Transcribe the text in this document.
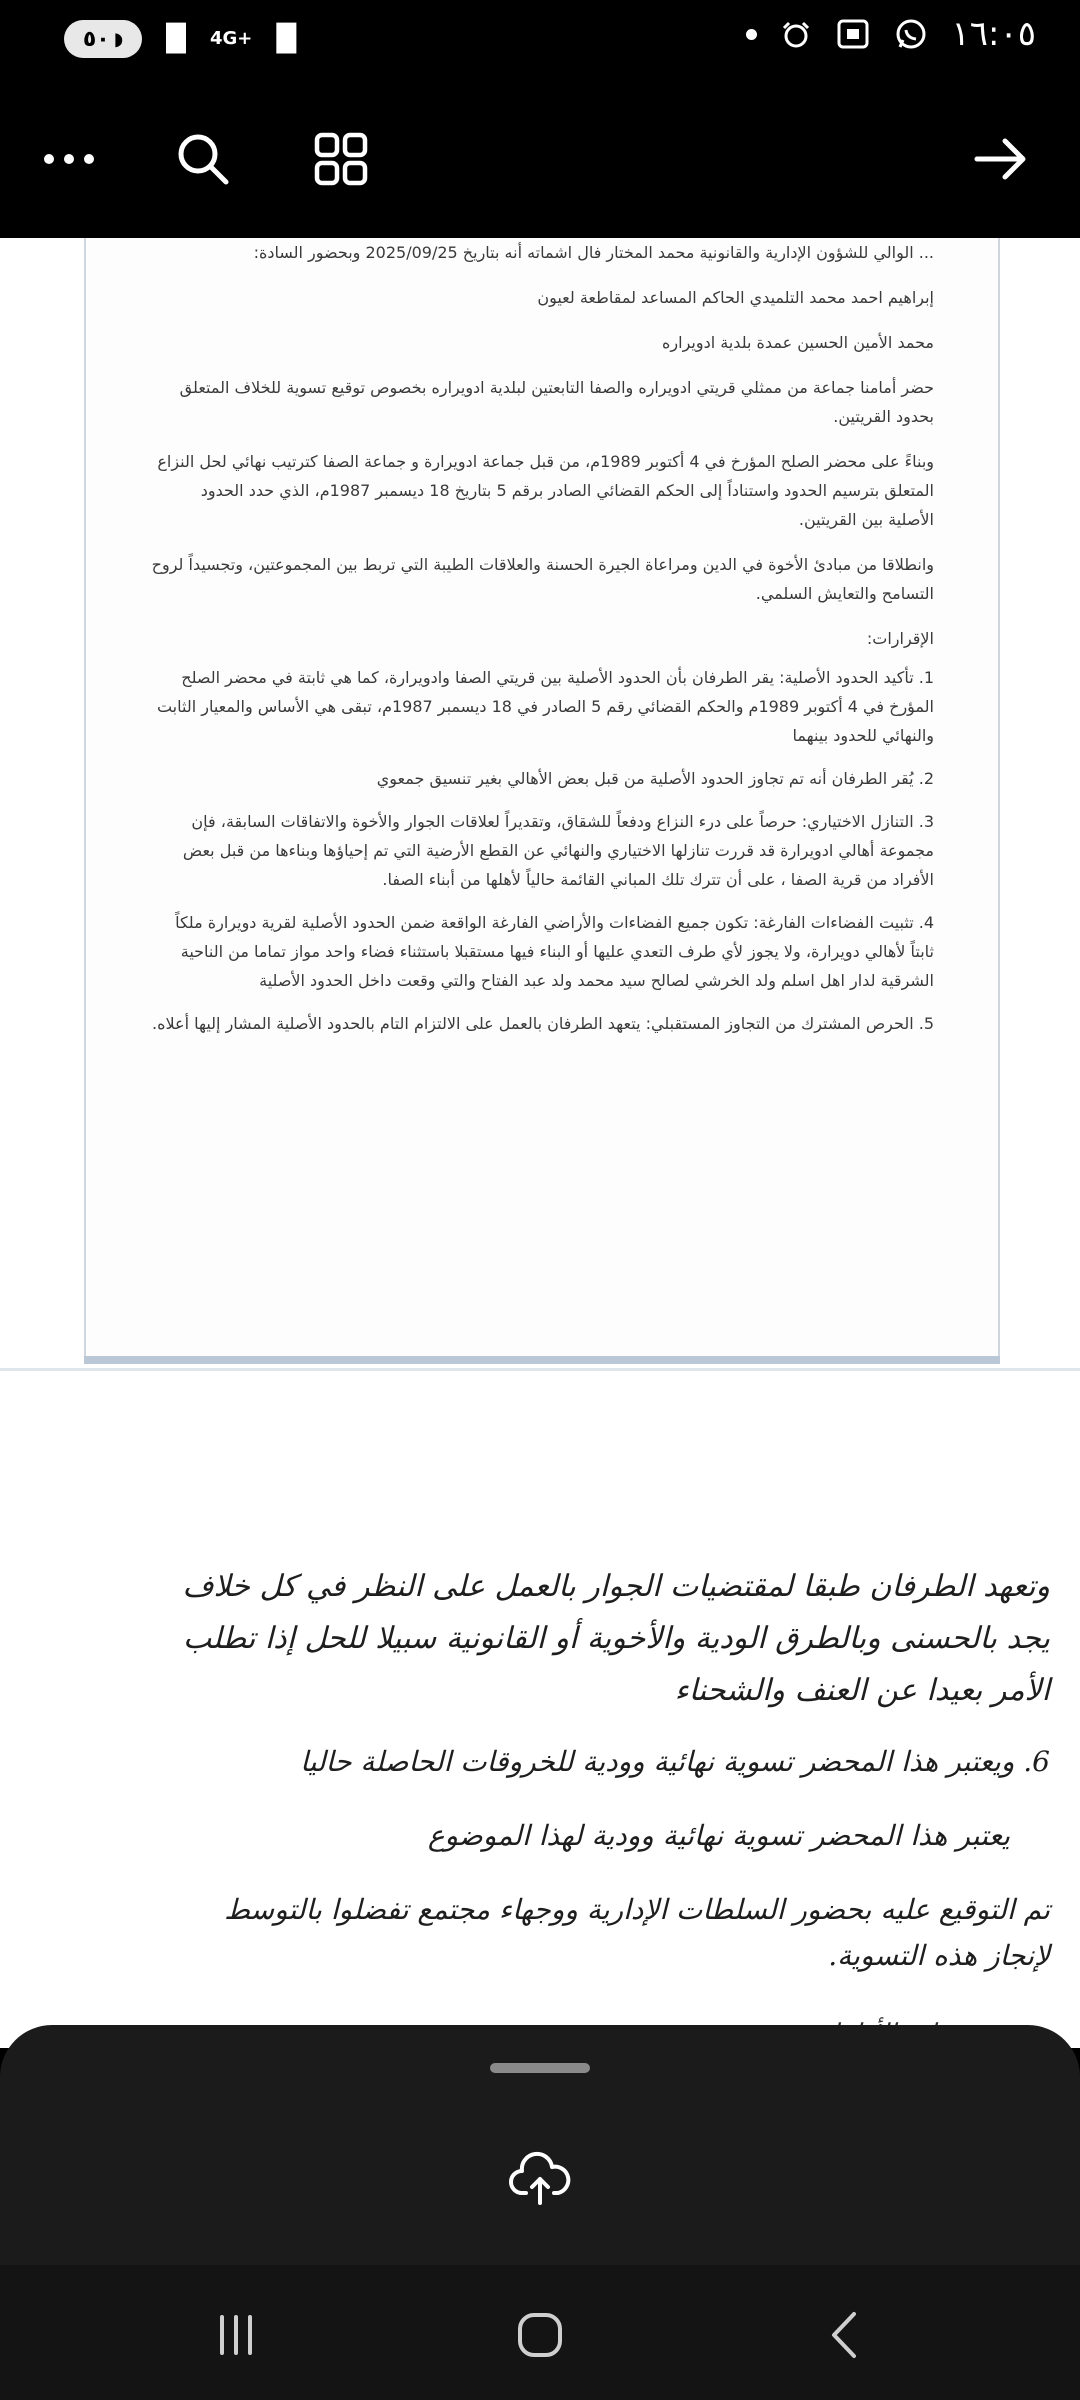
٥٠ ◗ ▐▌ 4G+ ▐▌	١٦:٠٥

... الوالي للشؤون الإدارية والقانونية محمد المختار فال اشماته أنه بتاريخ 2025/09/25 وبحضور السادة:

إبراهيم احمد محمد التلميدي الحاكم المساعد لمقاطعة لعيون

محمد الأمين الحسين عمدة بلدية ادويراره

حضر أمامنا جماعة من ممثلي قريتي ادويراره والصفا التابعتين لبلدية ادويراره بخصوص توقيع تسوية للخلاف المتعلق بحدود القريتين.

وبناءً على محضر الصلح المؤرخ في 4 أكتوبر 1989م، من قبل جماعة ادويرارة و جماعة الصفا كترتيب نهائي لحل النزاع المتعلق بترسيم الحدود واستناداً إلى الحكم القضائي الصادر برقم 5 بتاريخ 18 ديسمبر 1987م، الذي حدد الحدود الأصلية بين القريتين.

وانطلاقا من مبادئ الأخوة في الدين ومراعاة الجيرة الحسنة والعلاقات الطيبة التي تربط بين المجموعتين، وتجسيداً لروح التسامح والتعايش السلمي.

الإقرارات:

1. تأكيد الحدود الأصلية: يقر الطرفان بأن الحدود الأصلية بين قريتي الصفا وادويرارة، كما هي ثابتة في محضر الصلح المؤرخ في 4 أكتوبر 1989م والحكم القضائي رقم 5 الصادر في 18 ديسمبر 1987م، تبقى هي الأساس والمعيار الثابت والنهائي للحدود بينهما

2. يُقر الطرفان أنه تم تجاوز الحدود الأصلية من قبل بعض الأهالي بغير تنسيق جمعوي

3. التنازل الاختياري: حرصاً على درء النزاع ودفعاً للشقاق، وتقديراً لعلاقات الجوار والأخوة والاتفاقات السابقة، فإن مجموعة أهالي ادويرارة قد قررت تنازلها الاختياري والنهائي عن القطع الأرضية التي تم إحياؤها وبناءها من قبل بعض الأفراد من قرية الصفا ، على أن تترك تلك المباني القائمة حالياً لأهلها من أبناء الصفا.

4. تثبيت الفضاءات الفارغة: تكون جميع الفضاءات والأراضي الفارغة الواقعة ضمن الحدود الأصلية لقرية دويرارة ملكاً ثابتاً لأهالي دويرارة، ولا يجوز لأي طرف التعدي عليها أو البناء فيها مستقبلا باستثناء فضاء واحد مواز تماما من الناحية الشرقية لدار اهل اسلم ولد الخرشي لصالح سيد محمد ولد عبد الفتاح والتي وقعت داخل الحدود الأصلية

5. الحرص المشترك من التجاوز المستقبلي: يتعهد الطرفان بالعمل على الالتزام التام بالحدود الأصلية المشار إليها أعلاه.

وتعهد الطرفان طبقا لمقتضيات الجوار بالعمل على النظر في كل خلاف يجد بالحسنى وبالطرق الودية والأخوية أو القانونية سبيلا للحل إذا تطلب الأمر بعيدا عن العنف والشحناء

6. ويعتبر هذا المحضر تسوية نهائية وودية للخروقات الحاصلة حاليا

يعتبر هذا المحضر تسوية نهائية وودية لهذا الموضوع

تم التوقيع عليه بحضور السلطات الإدارية ووجهاء مجتمع تفضلوا بالتوسط لإنجاز هذه التسوية.
